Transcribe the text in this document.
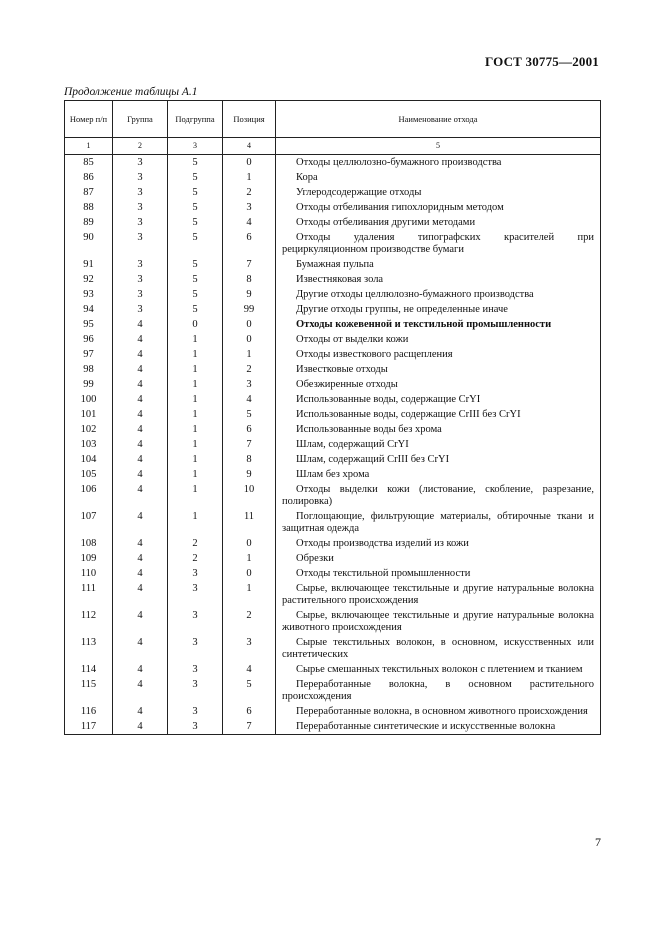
ГОСТ 30775—2001
Продолжение таблицы А.1
Номер п/п	Группа	Подгруппа	Позиция	Наименование отхода
1	2	3	4	5
85	3	5	0	Отходы целлюлозно-бумажного производства
86	3	5	1	Кора
87	3	5	2	Углеродсодержащие отходы
88	3	5	3	Отходы отбеливания гипохлоридным методом
89	3	5	4	Отходы отбеливания другими методами
90	3	5	6	Отходы удаления типографских красителей при рециркуляционном производстве бумаги
91	3	5	7	Бумажная пульпа
92	3	5	8	Известняковая зола
93	3	5	9	Другие отходы целлюлозно-бумажного производства
94	3	5	99	Другие отходы группы, не определенные иначе
95	4	0	0	Отходы кожевенной и текстильной промышленности
96	4	1	0	Отходы от выделки кожи
97	4	1	1	Отходы известкового расщепления
98	4	1	2	Известковые отходы
99	4	1	3	Обезжиренные отходы
100	4	1	4	Использованные воды, содержащие CrYI
101	4	1	5	Использованные воды, содержащие CrIII без CrYI
102	4	1	6	Использованные воды без хрома
103	4	1	7	Шлам, содержащий CrYI
104	4	1	8	Шлам, содержащий CrIII без CrYI
105	4	1	9	Шлам без хрома
106	4	1	10	Отходы выделки кожи (листование, скобление, разрезание, полировка)
107	4	1	11	Поглощающие, фильтрующие материалы, обтирочные ткани и защитная одежда
108	4	2	0	Отходы производства изделий из кожи
109	4	2	1	Обрезки
110	4	3	0	Отходы текстильной промышленности
111	4	3	1	Сырье, включающее текстильные и другие натуральные волокна растительного происхождения
112	4	3	2	Сырье, включающее текстильные и другие натуральные волокна животного происхождения
113	4	3	3	Сырые текстильных волокон, в основном, искусственных или синтетических
114	4	3	4	Сырье смешанных текстильных волокон с плетением и тканием
115	4	3	5	Переработанные волокна, в основном растительного происхождения
116	4	3	6	Переработанные волокна, в основном животного происхождения
117	4	3	7	Переработанные синтетические и искусственные волокна
7
